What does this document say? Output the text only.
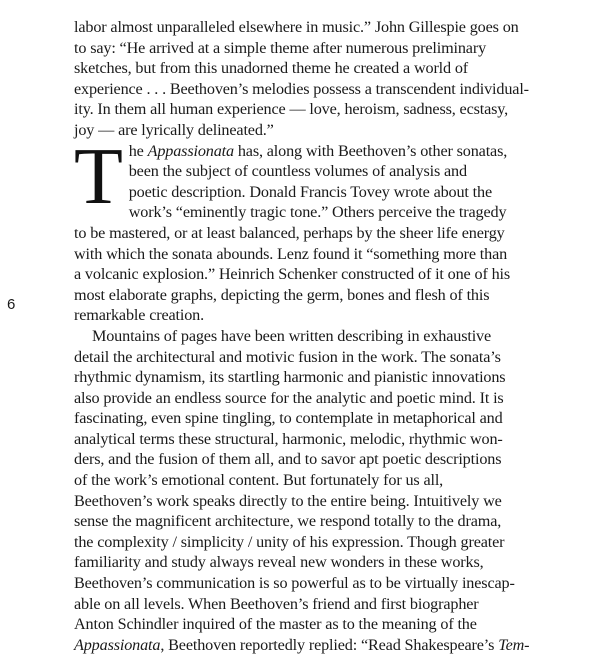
6

labor almost unparalleled elsewhere in music.” John Gillespie goes on
to say: “He arrived at a simple theme after numerous preliminary
sketches, but from this unadorned theme he created a world of
experience . . . Beethoven’s melodies possess a transcendent individual-
ity. In them all human experience — love, heroism, sadness, ecstasy,
joy — are lyrically delineated.”

T he Appassionata has, along with Beethoven’s other sonatas,
been the subject of countless volumes of analysis and
poetic description. Donald Francis Tovey wrote about the
work’s “eminently tragic tone.” Others perceive the tragedy
to be mastered, or at least balanced, perhaps by the sheer life energy
with which the sonata abounds. Lenz found it “something more than
a volcanic explosion.” Heinrich Schenker constructed of it one of his
most elaborate graphs, depicting the germ, bones and flesh of this
remarkable creation.

Mountains of pages have been written describing in exhaustive
detail the architectural and motivic fusion in the work. The sonata’s
rhythmic dynamism, its startling harmonic and pianistic innovations
also provide an endless source for the analytic and poetic mind. It is
fascinating, even spine tingling, to contemplate in metaphorical and
analytical terms these structural, harmonic, melodic, rhythmic won-
ders, and the fusion of them all, and to savor apt poetic descriptions
of the work’s emotional content. But fortunately for us all,
Beethoven’s work speaks directly to the entire being. Intuitively we
sense the magnificent architecture, we respond totally to the drama,
the complexity / simplicity / unity of his expression. Though greater
familiarity and study always reveal new wonders in these works,
Beethoven’s communication is so powerful as to be virtually inescap-
able on all levels. When Beethoven’s friend and first biographer
Anton Schindler inquired of the master as to the meaning of the
Appassionata, Beethoven reportedly replied: “Read Shakespeare’s Tem-
